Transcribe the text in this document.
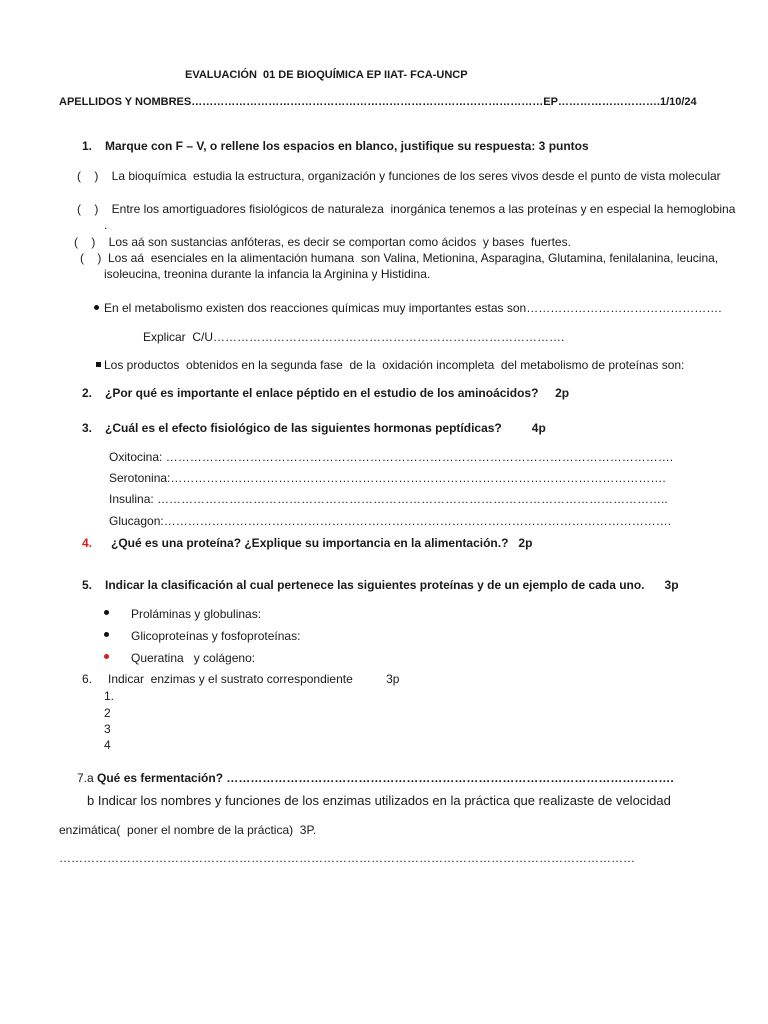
EVALUACIÓN  01 DE BIOQUÍMICA EP IIAT- FCA-UNCP
APELLIDOS Y NOMBRES……………………………………………………………………………………EP……………………….1/10/24
1. Marque con F – V, o rellene los espacios en blanco, justifique su respuesta: 3 puntos
(    )    La bioquímica  estudia la estructura, organización y funciones de los seres vivos desde el punto de vista molecular
(    )    Entre los amortiguadores fisiológicos de naturaleza  inorgánica tenemos a las proteínas y en especial la hemoglobina
.
(    )    Los aá son sustancias anfóteras, es decir se comportan como ácidos  y bases  fuertes.
(    )  Los aá  esenciales en la alimentación humana  son Valina, Metionina, Asparagina, Glutamina, fenilalanina, leucina,
isoleucina, treonina durante la infancia la Arginina y Histidina.
En el metabolismo existen dos reacciones químicas muy importantes estas son………………………………………….
Explicar  C/U…………………………………………………………………………….
Los productos  obtenidos en la segunda fase  de la  oxidación incompleta  del metabolismo de proteínas son:
2. ¿Por qué es importante el enlace péptido en el estudio de los aminoácidos?     2p
3. ¿Cuál es el efecto fisiológico de las siguientes hormonas peptídicas?         4p
Oxitocina: ……………………………………………………………………………………………………………….
Serotonina:…………………………………………………………………………………………………………….
Insulina: ………………………………………………………………………………………………………………..
Glucagon:……………………………………………………………………………………………………………….
4. ¿Qué es una proteína? ¿Explique su importancia en la alimentación.?   2p
5. Indicar la clasificación al cual pertenece las siguientes proteínas y de un ejemplo de cada uno.      3p
Proláminas y globulinas:
Glicoproteínas y fosfoproteínas:
Queratina   y colágeno:
6. Indicar  enzimas y el sustrato correspondiente          3p
1.
2
3
4
7.a Qué es fermentación? ………………………………………………………………………………………………….
b Indicar los nombres y funciones de los enzimas utilizados en la práctica que realizaste de velocidad
enzimática(  poner el nombre de la práctica)  3P.
………………………………………………………………………………………………………………………………
